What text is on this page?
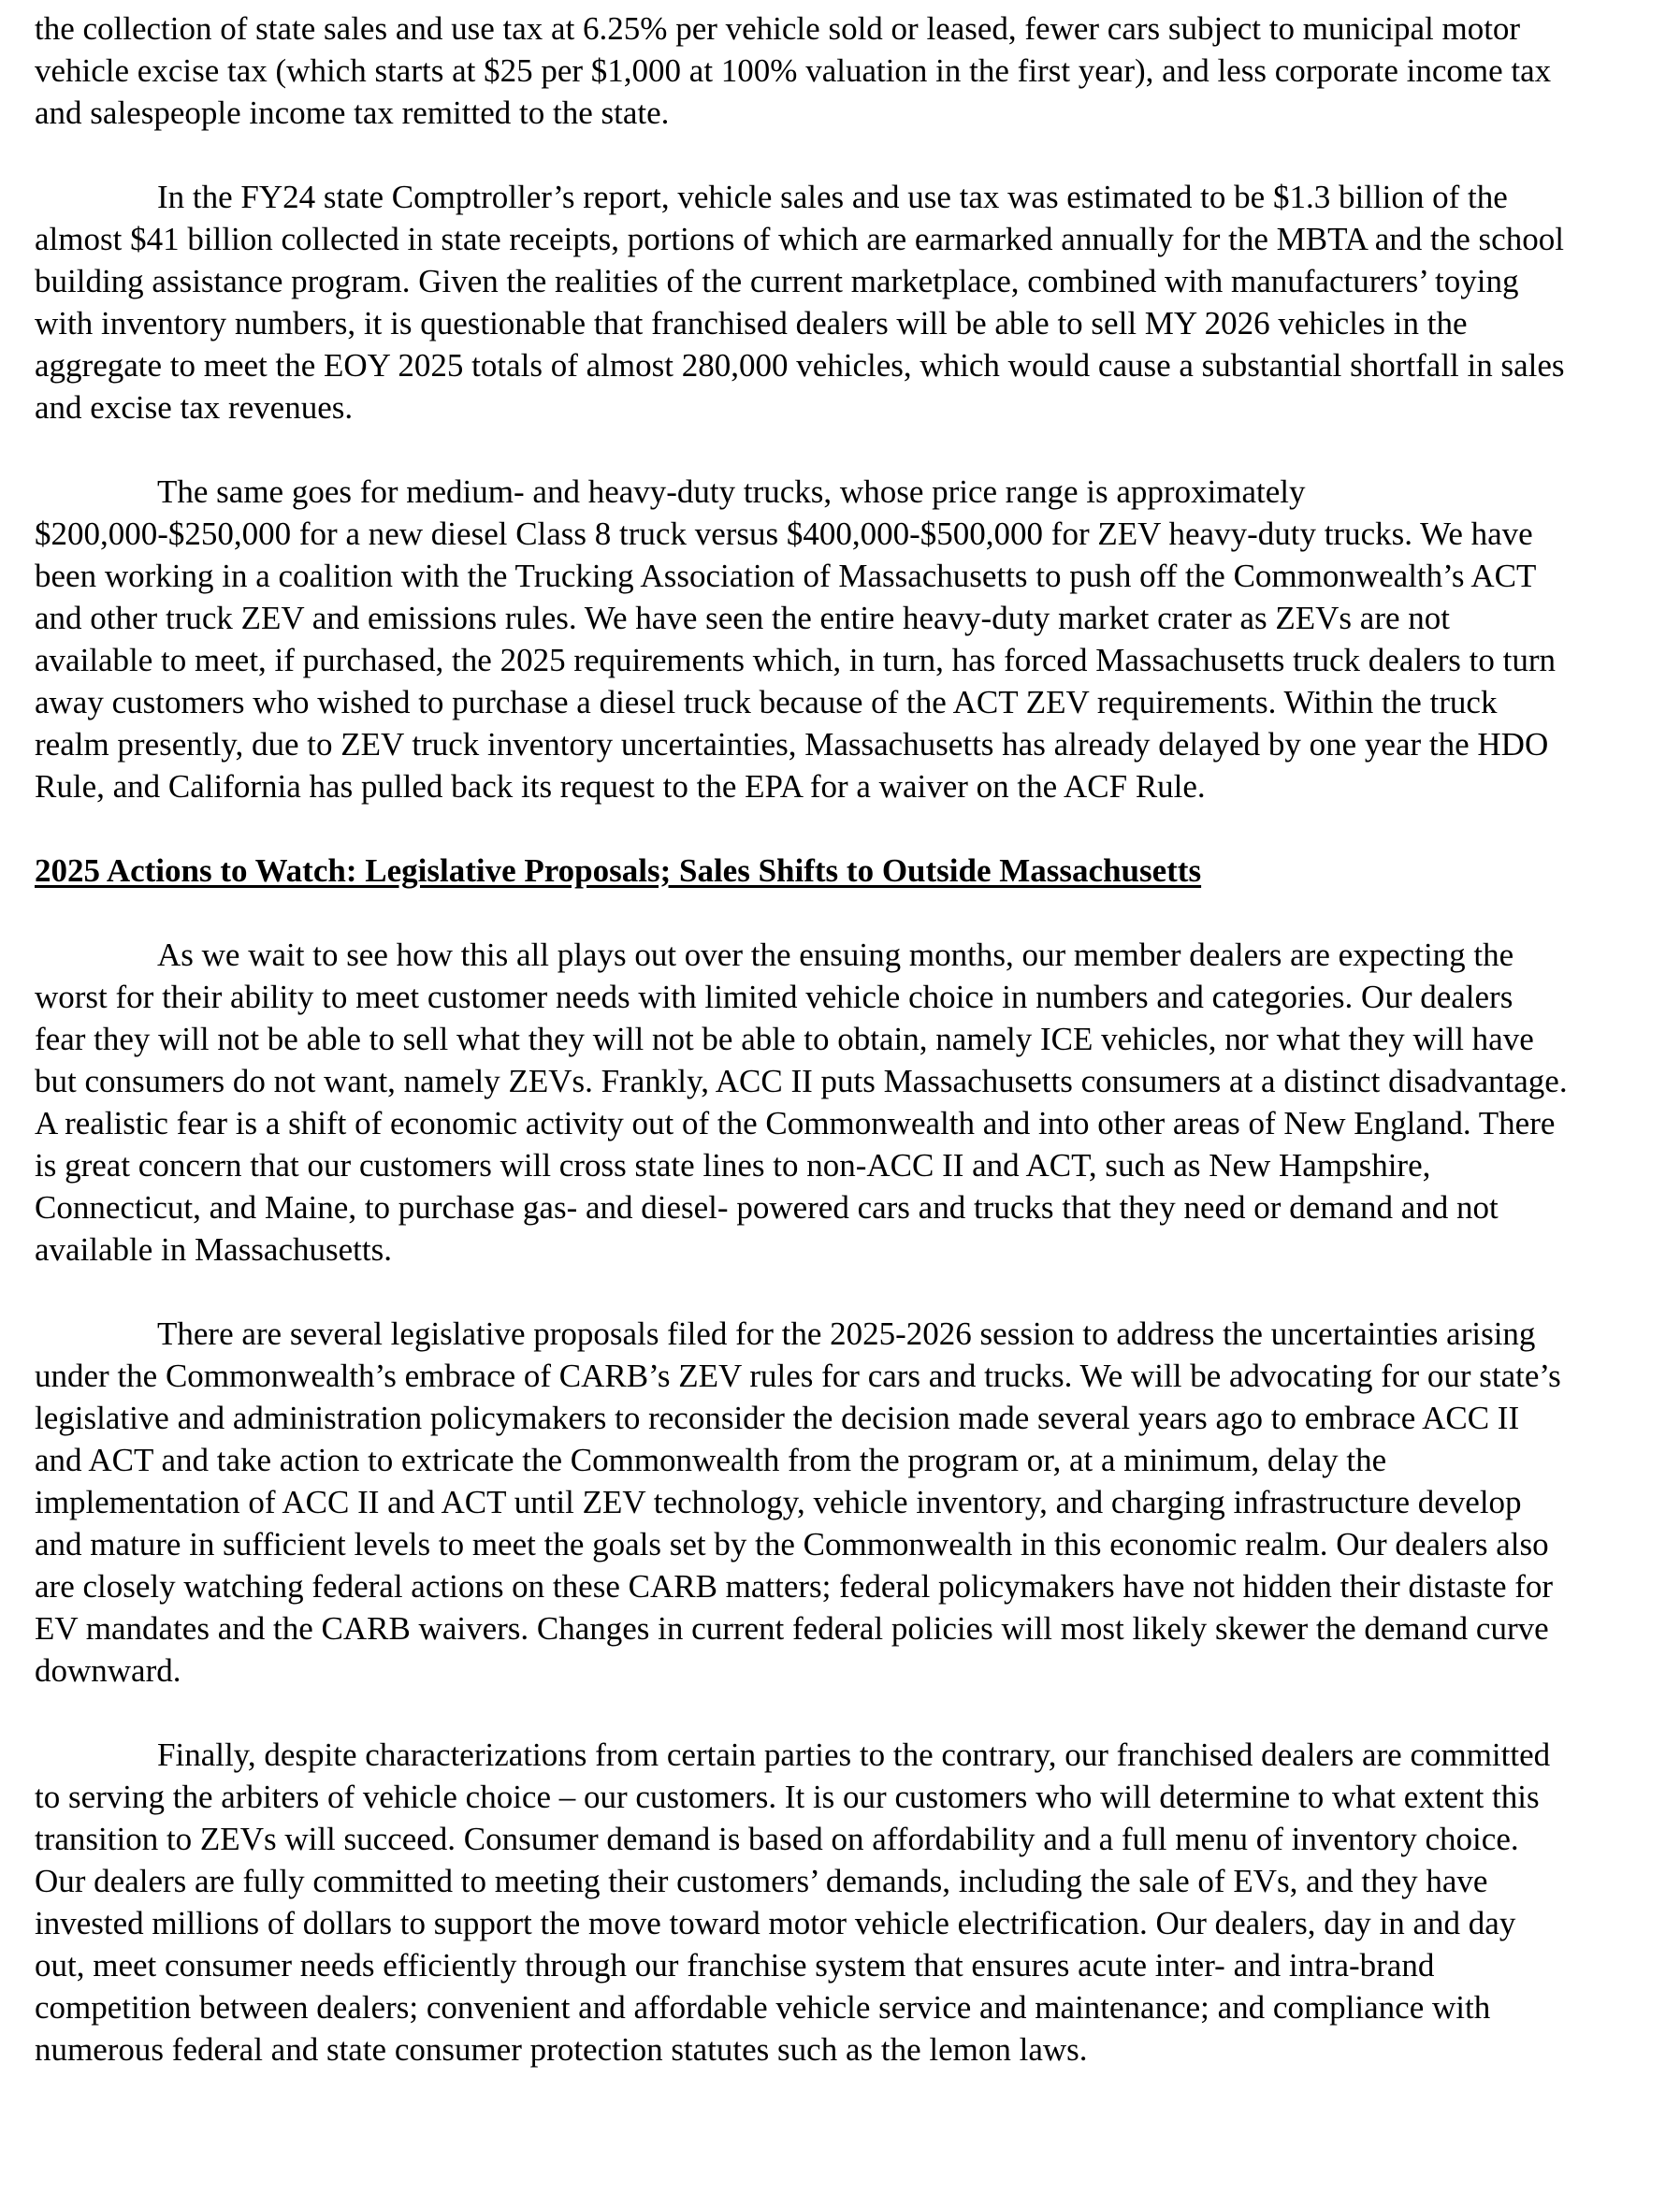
the collection of state sales and use tax at 6.25% per vehicle sold or leased, fewer cars subject to municipal motor vehicle excise tax (which starts at $25 per $1,000 at 100% valuation in the first year), and less corporate income tax and salespeople income tax remitted to the state.

In the FY24 state Comptroller’s report, vehicle sales and use tax was estimated to be $1.3 billion of the almost $41 billion collected in state receipts, portions of which are earmarked annually for the MBTA and the school building assistance program. Given the realities of the current marketplace, combined with manufacturers’ toying with inventory numbers, it is questionable that franchised dealers will be able to sell MY 2026 vehicles in the aggregate to meet the EOY 2025 totals of almost 280,000 vehicles, which would cause a substantial shortfall in sales and excise tax revenues.

The same goes for medium- and heavy-duty trucks, whose price range is approximately $200,000-$250,000 for a new diesel Class 8 truck versus $400,000-$500,000 for ZEV heavy-duty trucks. We have been working in a coalition with the Trucking Association of Massachusetts to push off the Commonwealth’s ACT and other truck ZEV and emissions rules. We have seen the entire heavy-duty market crater as ZEVs are not available to meet, if purchased, the 2025 requirements which, in turn, has forced Massachusetts truck dealers to turn away customers who wished to purchase a diesel truck because of the ACT ZEV requirements. Within the truck realm presently, due to ZEV truck inventory uncertainties, Massachusetts has already delayed by one year the HDO Rule, and California has pulled back its request to the EPA for a waiver on the ACF Rule.

2025 Actions to Watch: Legislative Proposals; Sales Shifts to Outside Massachusetts

As we wait to see how this all plays out over the ensuing months, our member dealers are expecting the worst for their ability to meet customer needs with limited vehicle choice in numbers and categories. Our dealers fear they will not be able to sell what they will not be able to obtain, namely ICE vehicles, nor what they will have but consumers do not want, namely ZEVs. Frankly, ACC II puts Massachusetts consumers at a distinct disadvantage. A realistic fear is a shift of economic activity out of the Commonwealth and into other areas of New England. There is great concern that our customers will cross state lines to non-ACC II and ACT, such as New Hampshire, Connecticut, and Maine, to purchase gas- and diesel- powered cars and trucks that they need or demand and not available in Massachusetts.

There are several legislative proposals filed for the 2025-2026 session to address the uncertainties arising under the Commonwealth’s embrace of CARB’s ZEV rules for cars and trucks. We will be advocating for our state’s legislative and administration policymakers to reconsider the decision made several years ago to embrace ACC II and ACT and take action to extricate the Commonwealth from the program or, at a minimum, delay the implementation of ACC II and ACT until ZEV technology, vehicle inventory, and charging infrastructure develop and mature in sufficient levels to meet the goals set by the Commonwealth in this economic realm. Our dealers also are closely watching federal actions on these CARB matters; federal policymakers have not hidden their distaste for EV mandates and the CARB waivers. Changes in current federal policies will most likely skewer the demand curve downward.

Finally, despite characterizations from certain parties to the contrary, our franchised dealers are committed to serving the arbiters of vehicle choice – our customers. It is our customers who will determine to what extent this transition to ZEVs will succeed. Consumer demand is based on affordability and a full menu of inventory choice. Our dealers are fully committed to meeting their customers’ demands, including the sale of EVs, and they have invested millions of dollars to support the move toward motor vehicle electrification. Our dealers, day in and day out, meet consumer needs efficiently through our franchise system that ensures acute inter- and intra-brand competition between dealers; convenient and affordable vehicle service and maintenance; and compliance with numerous federal and state consumer protection statutes such as the lemon laws.
